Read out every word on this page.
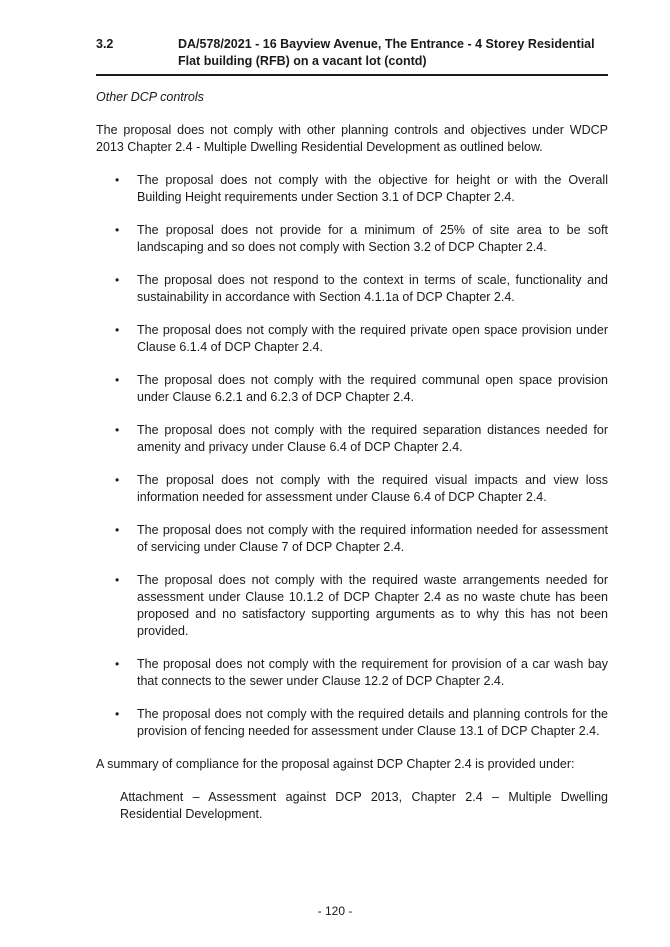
3.2	DA/578/2021 - 16 Bayview Avenue, The Entrance - 4 Storey Residential
Flat building (RFB) on a vacant lot (contd)

Other DCP controls

The proposal does not comply with other planning controls and objectives under WDCP 2013 Chapter 2.4 - Multiple Dwelling Residential Development as outlined below.

• The proposal does not comply with the objective for height or with the Overall Building Height requirements under Section 3.1 of DCP Chapter 2.4.
• The proposal does not provide for a minimum of 25% of site area to be soft landscaping and so does not comply with Section 3.2 of DCP Chapter 2.4.
• The proposal does not respond to the context in terms of scale, functionality and sustainability in accordance with Section 4.1.1a of DCP Chapter 2.4.
• The proposal does not comply with the required private open space provision under Clause 6.1.4 of DCP Chapter 2.4.
• The proposal does not comply with the required communal open space provision under Clause 6.2.1 and 6.2.3 of DCP Chapter 2.4.
• The proposal does not comply with the required separation distances needed for amenity and privacy under Clause 6.4 of DCP Chapter 2.4.
• The proposal does not comply with the required visual impacts and view loss information needed for assessment under Clause 6.4 of DCP Chapter 2.4.
• The proposal does not comply with the required information needed for assessment of servicing under Clause 7 of DCP Chapter 2.4.
• The proposal does not comply with the required waste arrangements needed for assessment under Clause 10.1.2 of DCP Chapter 2.4 as no waste chute has been proposed and no satisfactory supporting arguments as to why this has not been provided.
• The proposal does not comply with the requirement for provision of a car wash bay that connects to the sewer under Clause 12.2 of DCP Chapter 2.4.
• The proposal does not comply with the required details and planning controls for the provision of fencing needed for assessment under Clause 13.1 of DCP Chapter 2.4.

A summary of compliance for the proposal against DCP Chapter 2.4 is provided under:

Attachment – Assessment against DCP 2013, Chapter 2.4 – Multiple Dwelling Residential Development.

- 120 -
